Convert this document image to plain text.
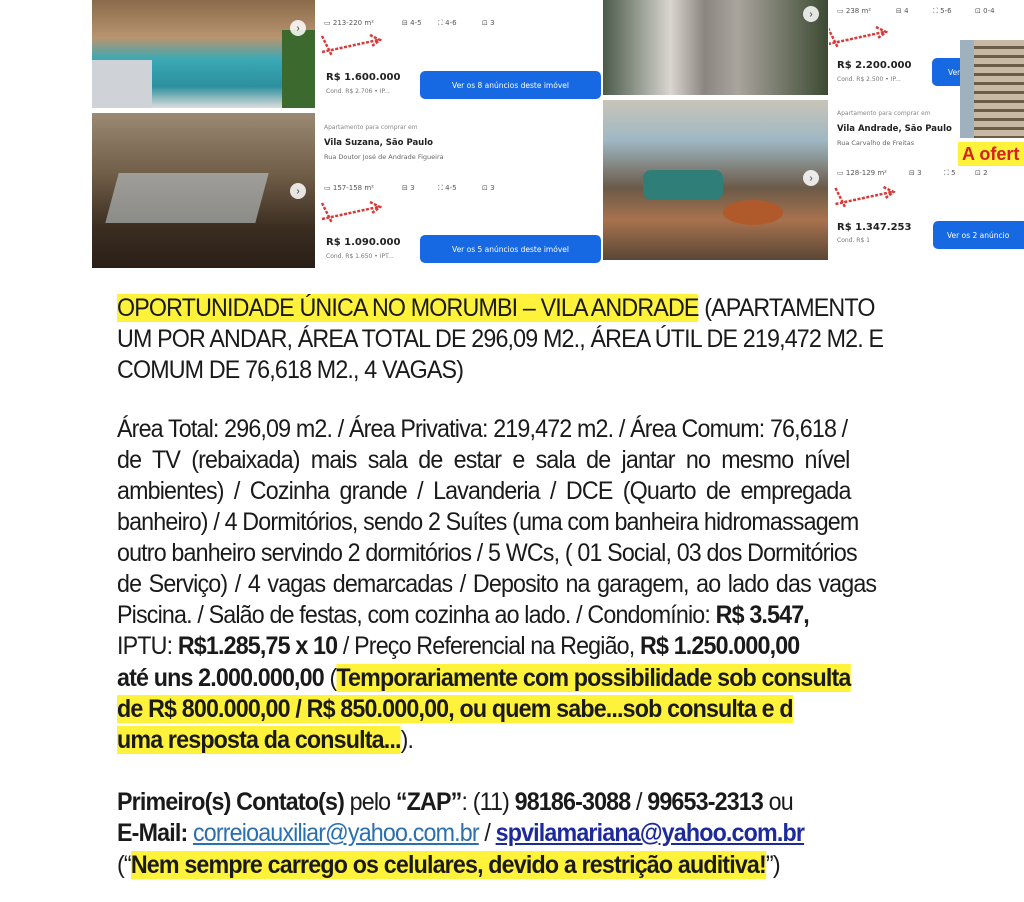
›
›
›
›
▭ 213-220 m²	⊟ 4-5 ⛶ 4-6	⊡ 3
R$ 1.600.000
Cond. R$ 2.706 • IP...
Ver os 8 anúncios deste imóvel
Apartamento para comprar em
Vila Suzana, São Paulo
Rua Doutor José de Andrade Figueira
▭ 157-158 m²	⊟ 3	⛶ 4-5	⊡ 3
R$ 1.090.000
Cond. R$ 1.650 • IPT...
Ver os 5 anúncios deste imóvel
▭ 238 m²	⊟ 4	⛶ 5-6	⊡ 0-4
R$ 2.200.000
Cond. R$ 2.500 • IP...
Ver
Apartamento para comprar em
Vila Andrade, São Paulo
Rua Carvalho de Freitas
▭ 128-129 m²	⊟ 3	⛶ 5	⊡ 2
R$ 1.347.253
Cond. R$ 1
Ver os 2 anúncio
A ofert
OPORTUNIDADE ÚNICA NO MORUMBI – VILA ANDRADE (APARTAMENTO
UM POR ANDAR, ÁREA TOTAL DE 296,09 M2., ÁREA ÚTIL DE 219,472 M2. E
COMUM DE 76,618 M2., 4 VAGAS)
Área Total: 296,09 m2. / Área Privativa: 219,472 m2. / Área Comum: 76,618 /
de TV (rebaixada) mais sala de estar e sala de jantar no mesmo nível
ambientes) / Cozinha grande / Lavanderia / DCE (Quarto de empregada
banheiro) / 4 Dormitórios, sendo 2 Suítes (uma com banheira hidromassagem
outro banheiro servindo 2 dormitórios / 5 WCs, ( 01 Social, 03 dos Dormitórios
de Serviço) / 4 vagas demarcadas / Deposito na garagem, ao lado das vagas
Piscina. / Salão de festas, com cozinha ao lado. / Condomínio: R$ 3.547,
IPTU: R$1.285,75 x 10 / Preço Referencial na Região, R$ 1.250.000,00
até uns 2.000.000,00 (Temporariamente com possibilidade sob consulta
de R$ 800.000,00 / R$ 850.000,00, ou quem sabe...sob consulta e d
uma resposta da consulta...).
Primeiro(s) Contato(s) pelo “ZAP”: (11) 98186-3088 / 99653-2313 ou
E-Mail: correioauxiliar@yahoo.com.br / spvilamariana@yahoo.com.br
(“Nem sempre carrego os celulares, devido a restrição auditiva!”)
